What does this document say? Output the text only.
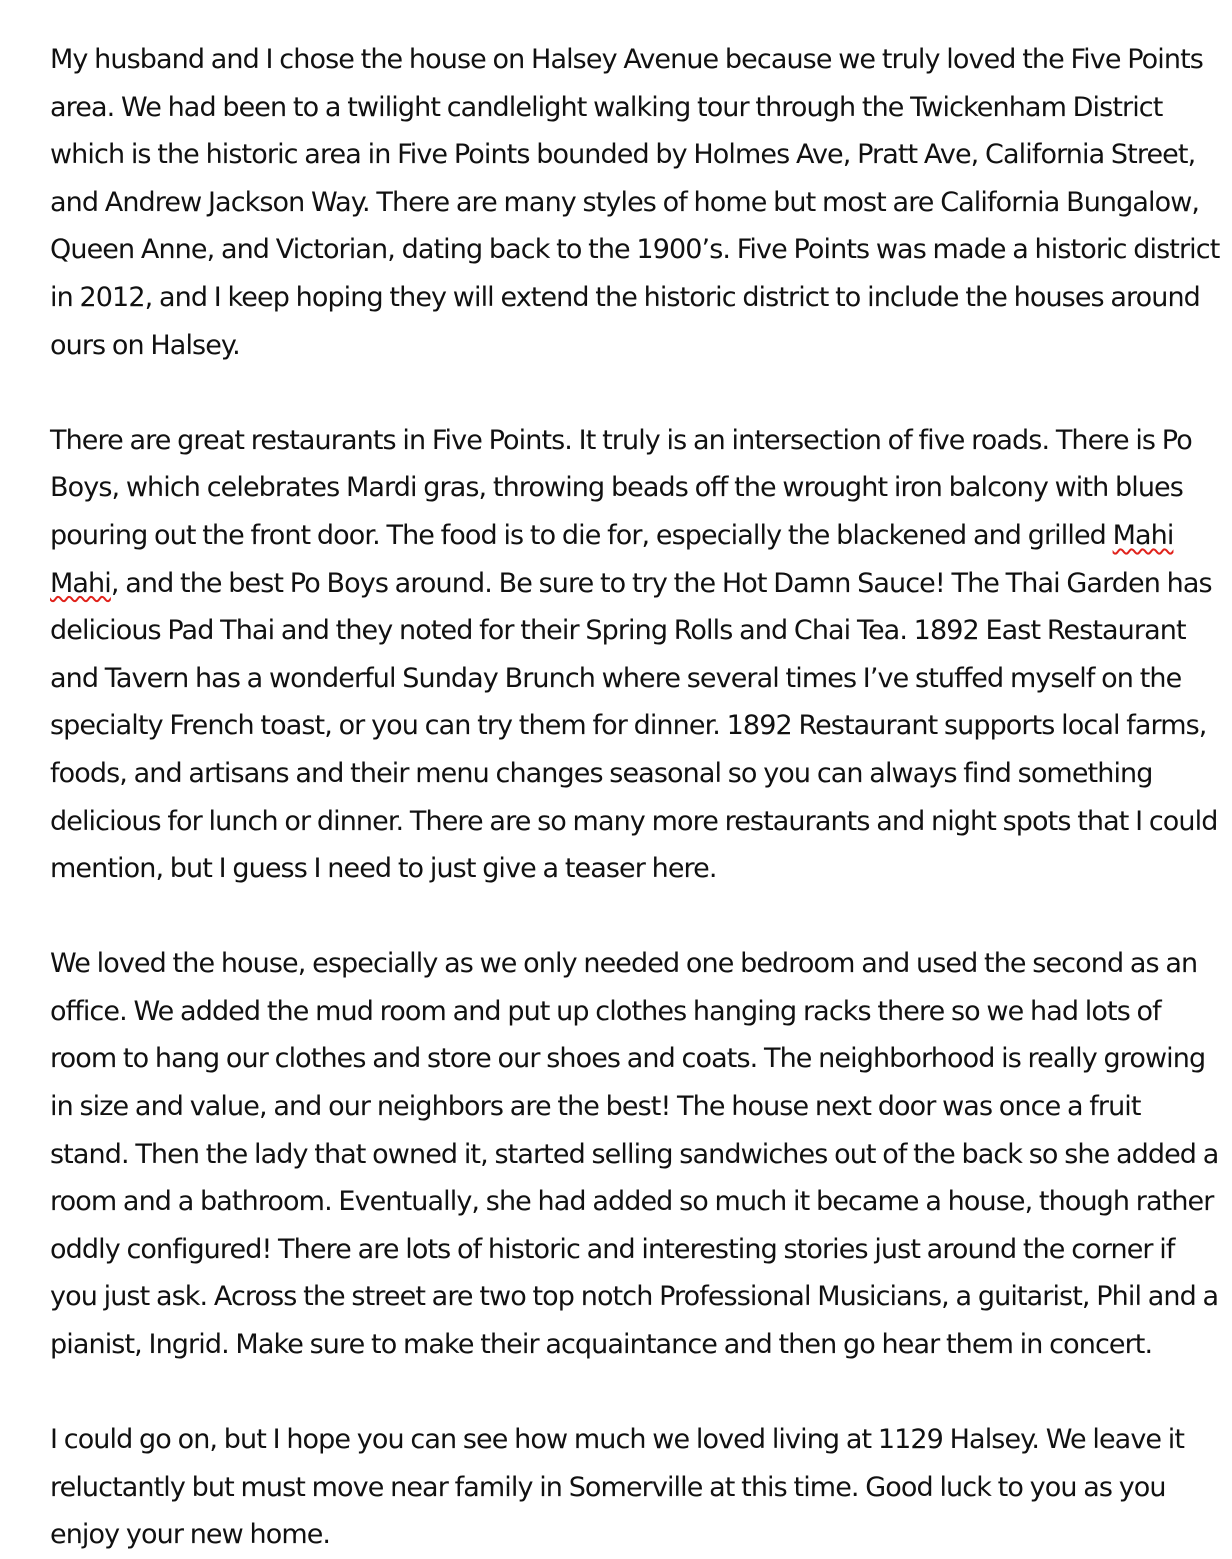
My husband and I chose the house on Halsey Avenue because we truly loved the Five Points area. We had been to a twilight candlelight walking tour through the Twickenham District which is the historic area in Five Points bounded by Holmes Ave, Pratt Ave, California Street, and Andrew Jackson Way. There are many styles of home but most are California Bungalow, Queen Anne, and Victorian, dating back to the 1900’s. Five Points was made a historic district in 2012, and I keep hoping they will extend the historic district to include the houses around ours on Halsey.

There are great restaurants in Five Points. It truly is an intersection of five roads. There is Po Boys, which celebrates Mardi gras, throwing beads off the wrought iron balcony with blues pouring out the front door. The food is to die for, especially the blackened and grilled Mahi Mahi, and the best Po Boys around. Be sure to try the Hot Damn Sauce! The Thai Garden has delicious Pad Thai and they noted for their Spring Rolls and Chai Tea. 1892 East Restaurant and Tavern has a wonderful Sunday Brunch where several times I’ve stuffed myself on the specialty French toast, or you can try them for dinner. 1892 Restaurant supports local farms, foods, and artisans and their menu changes seasonal so you can always find something delicious for lunch or dinner. There are so many more restaurants and night spots that I could mention, but I guess I need to just give a teaser here.

We loved the house, especially as we only needed one bedroom and used the second as an office. We added the mud room and put up clothes hanging racks there so we had lots of room to hang our clothes and store our shoes and coats. The neighborhood is really growing in size and value, and our neighbors are the best! The house next door was once a fruit stand. Then the lady that owned it, started selling sandwiches out of the back so she added a room and a bathroom. Eventually, she had added so much it became a house, though rather oddly configured! There are lots of historic and interesting stories just around the corner if you just ask. Across the street are two top notch Professional Musicians, a guitarist, Phil and a pianist, Ingrid. Make sure to make their acquaintance and then go hear them in concert.

I could go on, but I hope you can see how much we loved living at 1129 Halsey. We leave it reluctantly but must move near family in Somerville at this time. Good luck to you as you enjoy your new home.
